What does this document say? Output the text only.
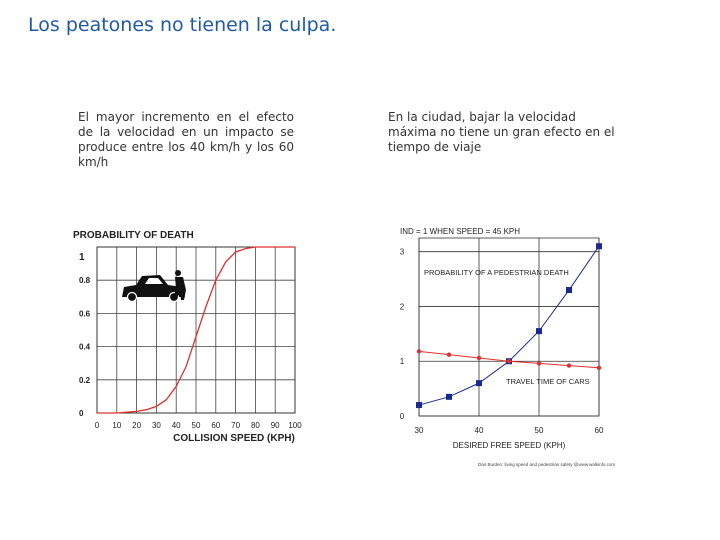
Los peatones no tienen la culpa.
El mayor incremento en el efecto de la velocidad en un impacto se produce entre los 40 km/h y los 60 km/h
En la ciudad, bajar la velocidad máxima no tiene un gran efecto en el tiempo de viaje
PROBABILITY OF DEATH
0 10 20 30 40 50 60 70 80 90 100
0
0.2
0.4
0.6
0.8
1
COLLISION SPEED (KPH)
IND = 1 WHEN SPEED = 45 KPH
30	40	50	60
0
1
2
3
DESIRED FREE SPEED (KPH)
PROBABILITY OF A PEDESTRIAN DEATH
TRAVEL TIME OF CARS
Dan Burden: living speed and pedestrian safety @www.walkinfo.com
